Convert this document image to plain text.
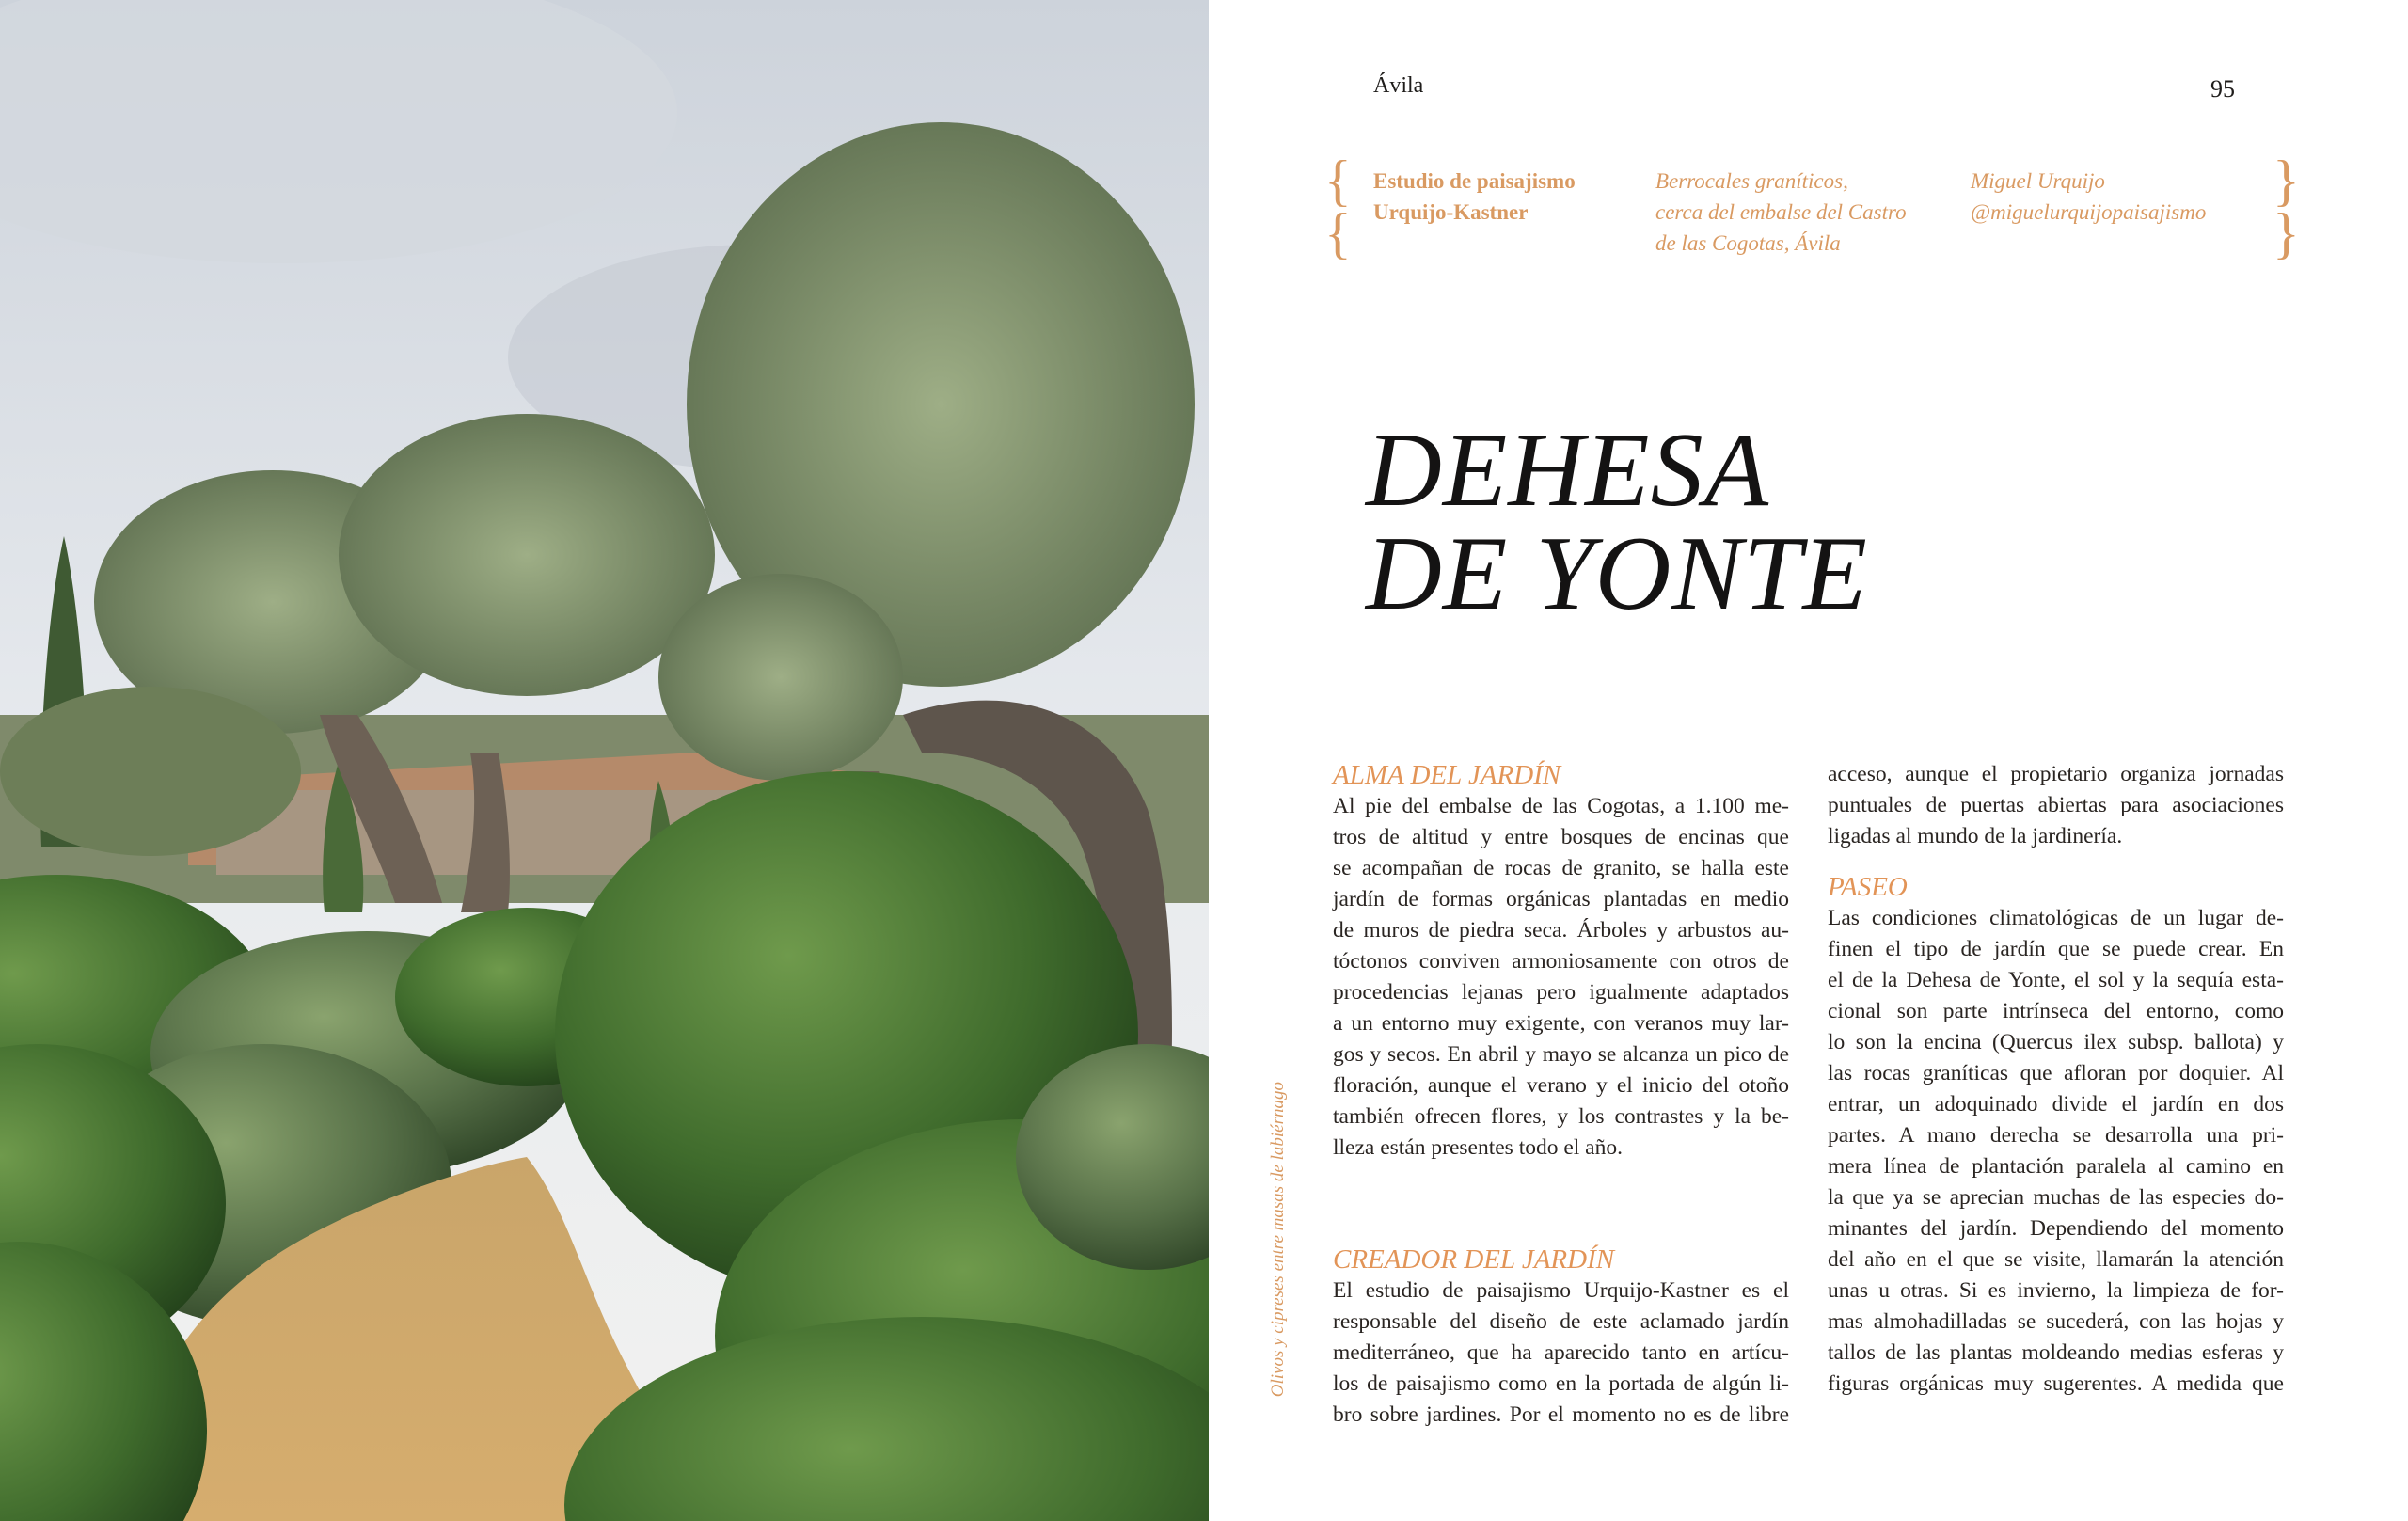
Olivos y cipreses entre masas de labiérnago
Ávila	95
{
{
}
}
Estudio de paisajismo
Urquijo-Kastner
Berrocales graníticos,
cerca del embalse del Castro
de las Cogotas, Ávila
Miguel Urquijo
@miguelurquijopaisajismo
DEHESA
DE YONTE
ALMA DEL JARDÍN
Al pie del embalse de las Cogotas, a 1.100 me-
tros de altitud y entre bosques de encinas que
se acompañan de rocas de granito, se halla este
jardín de formas orgánicas plantadas en medio
de muros de piedra seca. Árboles y arbustos au-
tóctonos conviven armoniosamente con otros de
procedencias lejanas pero igualmente adaptados
a un entorno muy exigente, con veranos muy lar-
gos y secos. En abril y mayo se alcanza un pico de
floración, aunque el verano y el inicio del otoño
también ofrecen flores, y los contrastes y la be-
lleza están presentes todo el año.
CREADOR DEL JARDÍN
El estudio de paisajismo Urquijo-Kastner es el
responsable del diseño de este aclamado jardín
mediterráneo, que ha aparecido tanto en artícu-
los de paisajismo como en la portada de algún li-
bro sobre jardines. Por el momento no es de libre
acceso, aunque el propietario organiza jornadas
puntuales de puertas abiertas para asociaciones
ligadas al mundo de la jardinería.
PASEO
Las condiciones climatológicas de un lugar de-
finen el tipo de jardín que se puede crear. En
el de la Dehesa de Yonte, el sol y la sequía esta-
cional son parte intrínseca del entorno, como
lo son la encina (Quercus ilex subsp. ballota) y
las rocas graníticas que afloran por doquier. Al
entrar, un adoquinado divide el jardín en dos
partes. A mano derecha se desarrolla una pri-
mera línea de plantación paralela al camino en
la que ya se aprecian muchas de las especies do-
minantes del jardín. Dependiendo del momento
del año en el que se visite, llamarán la atención
unas u otras. Si es invierno, la limpieza de for-
mas almohadilladas se sucederá, con las hojas y
tallos de las plantas moldeando medias esferas y
figuras orgánicas muy sugerentes. A medida que
